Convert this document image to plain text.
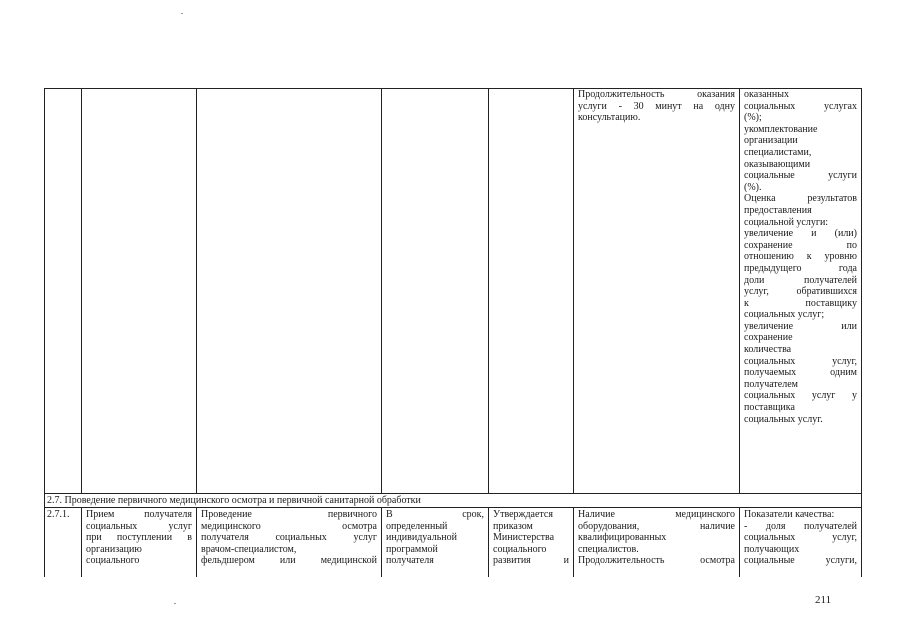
Продолжительность оказания
услуги - 30 минут на одну
консультацию.
оказанных
социальных услугах
(%);
укомплектование
организации
специалистами,
оказывающими
социальные услуги
(%).
Оценка результатов
предоставления
социальной услуги:
увеличение и (или)
сохранение по
отношению к уровню
предыдущего года
доли получателей
услуг, обратившихся
к поставщику
социальных услуг;
увеличение или
сохранение
количества
социальных услуг,
получаемых одним
получателем
социальных услуг у
поставщика
социальных услуг.
2.7. Проведение первичного медицинского осмотра и первичной санитарной обработки
2.7.1.	Прием получателя
социальных услуг
при поступлении в
организацию
социального
Проведение первичного
медицинского осмотра
получателя социальных услуг
врачом-специалистом,
фельдшером или медицинской
В срок,
определенный
индивидуальной
программой
получателя
Утверждается
приказом
Министерства
социального
развития и
Наличие медицинского
оборудования, наличие
квалифицированных
специалистов.
Продолжительность осмотра
Показатели качества:
- доля получателей
социальных услуг,
получающих
социальные услуги,
211
